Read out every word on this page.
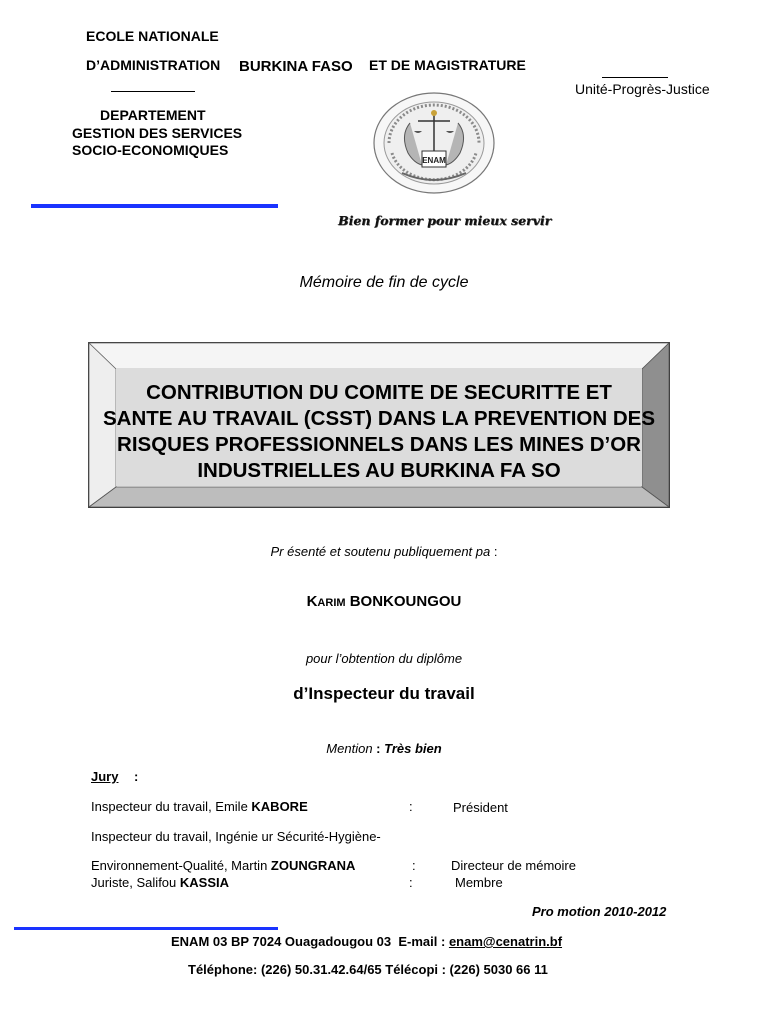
ECOLE NATIONALE
D’ADMINISTRATION BURKINA FASO ET DE MAGISTRATURE
Unité-Progrès-Justice
DEPARTEMENT
GESTION DES SERVICES
SOCIO-ECONOMIQUES
ENAM
Bien former pour mieux servir
Mémoire de fin de cycle
CONTRIBUTION DU COMITE DE SECURITTE ET
SANTE AU TRAVAIL (CSST) DANS LA PREVENTION DES
RISQUES PROFESSIONNELS DANS LES MINES D’OR
INDUSTRIELLES AU BURKINA FA SO
Pr ésenté et soutenu publiquement pa :
Karim BONKOUNGOU
pour l’obtention du diplôme
d’Inspecteur du travail
Mention : Très bien
Jury :
Inspecteur du travail, Emile KABORE	:	Président
Inspecteur du travail, Ingénie ur Sécurité-Hygiène-
Environnement-Qualité, Martin ZOUNGRANA	:	Directeur de mémoire
Juriste, Salifou KASSIA	:	Membre
Pro motion 2010-2012
ENAM 03 BP 7024 Ouagadougou 03 E-mail : enam@cenatrin.bf
Téléphone: (226) 50.31.42.64/65 Télécopi : (226) 5030 66 11
